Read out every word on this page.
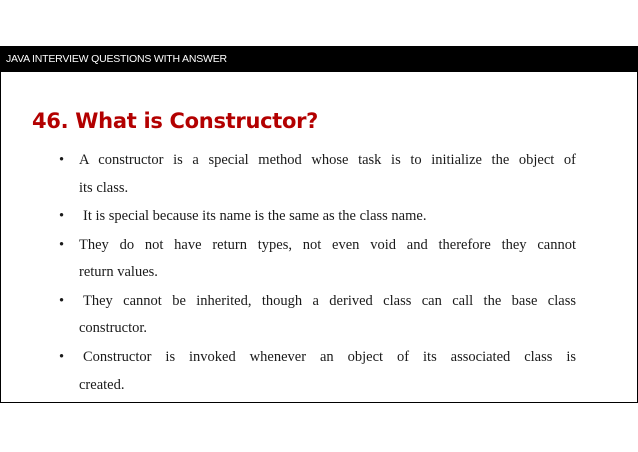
JAVA INTERVIEW QUESTIONS WITH ANSWER
46. What is Constructor?
• A constructor is a special method whose task is to initialize the object of
its class.
• It is special because its name is the same as the class name.
• They do not have return types, not even void and therefore they cannot
return values.
• They cannot be inherited, though a derived class can call the base class
constructor.
• Constructor is invoked whenever an object of its associated class is
created.
